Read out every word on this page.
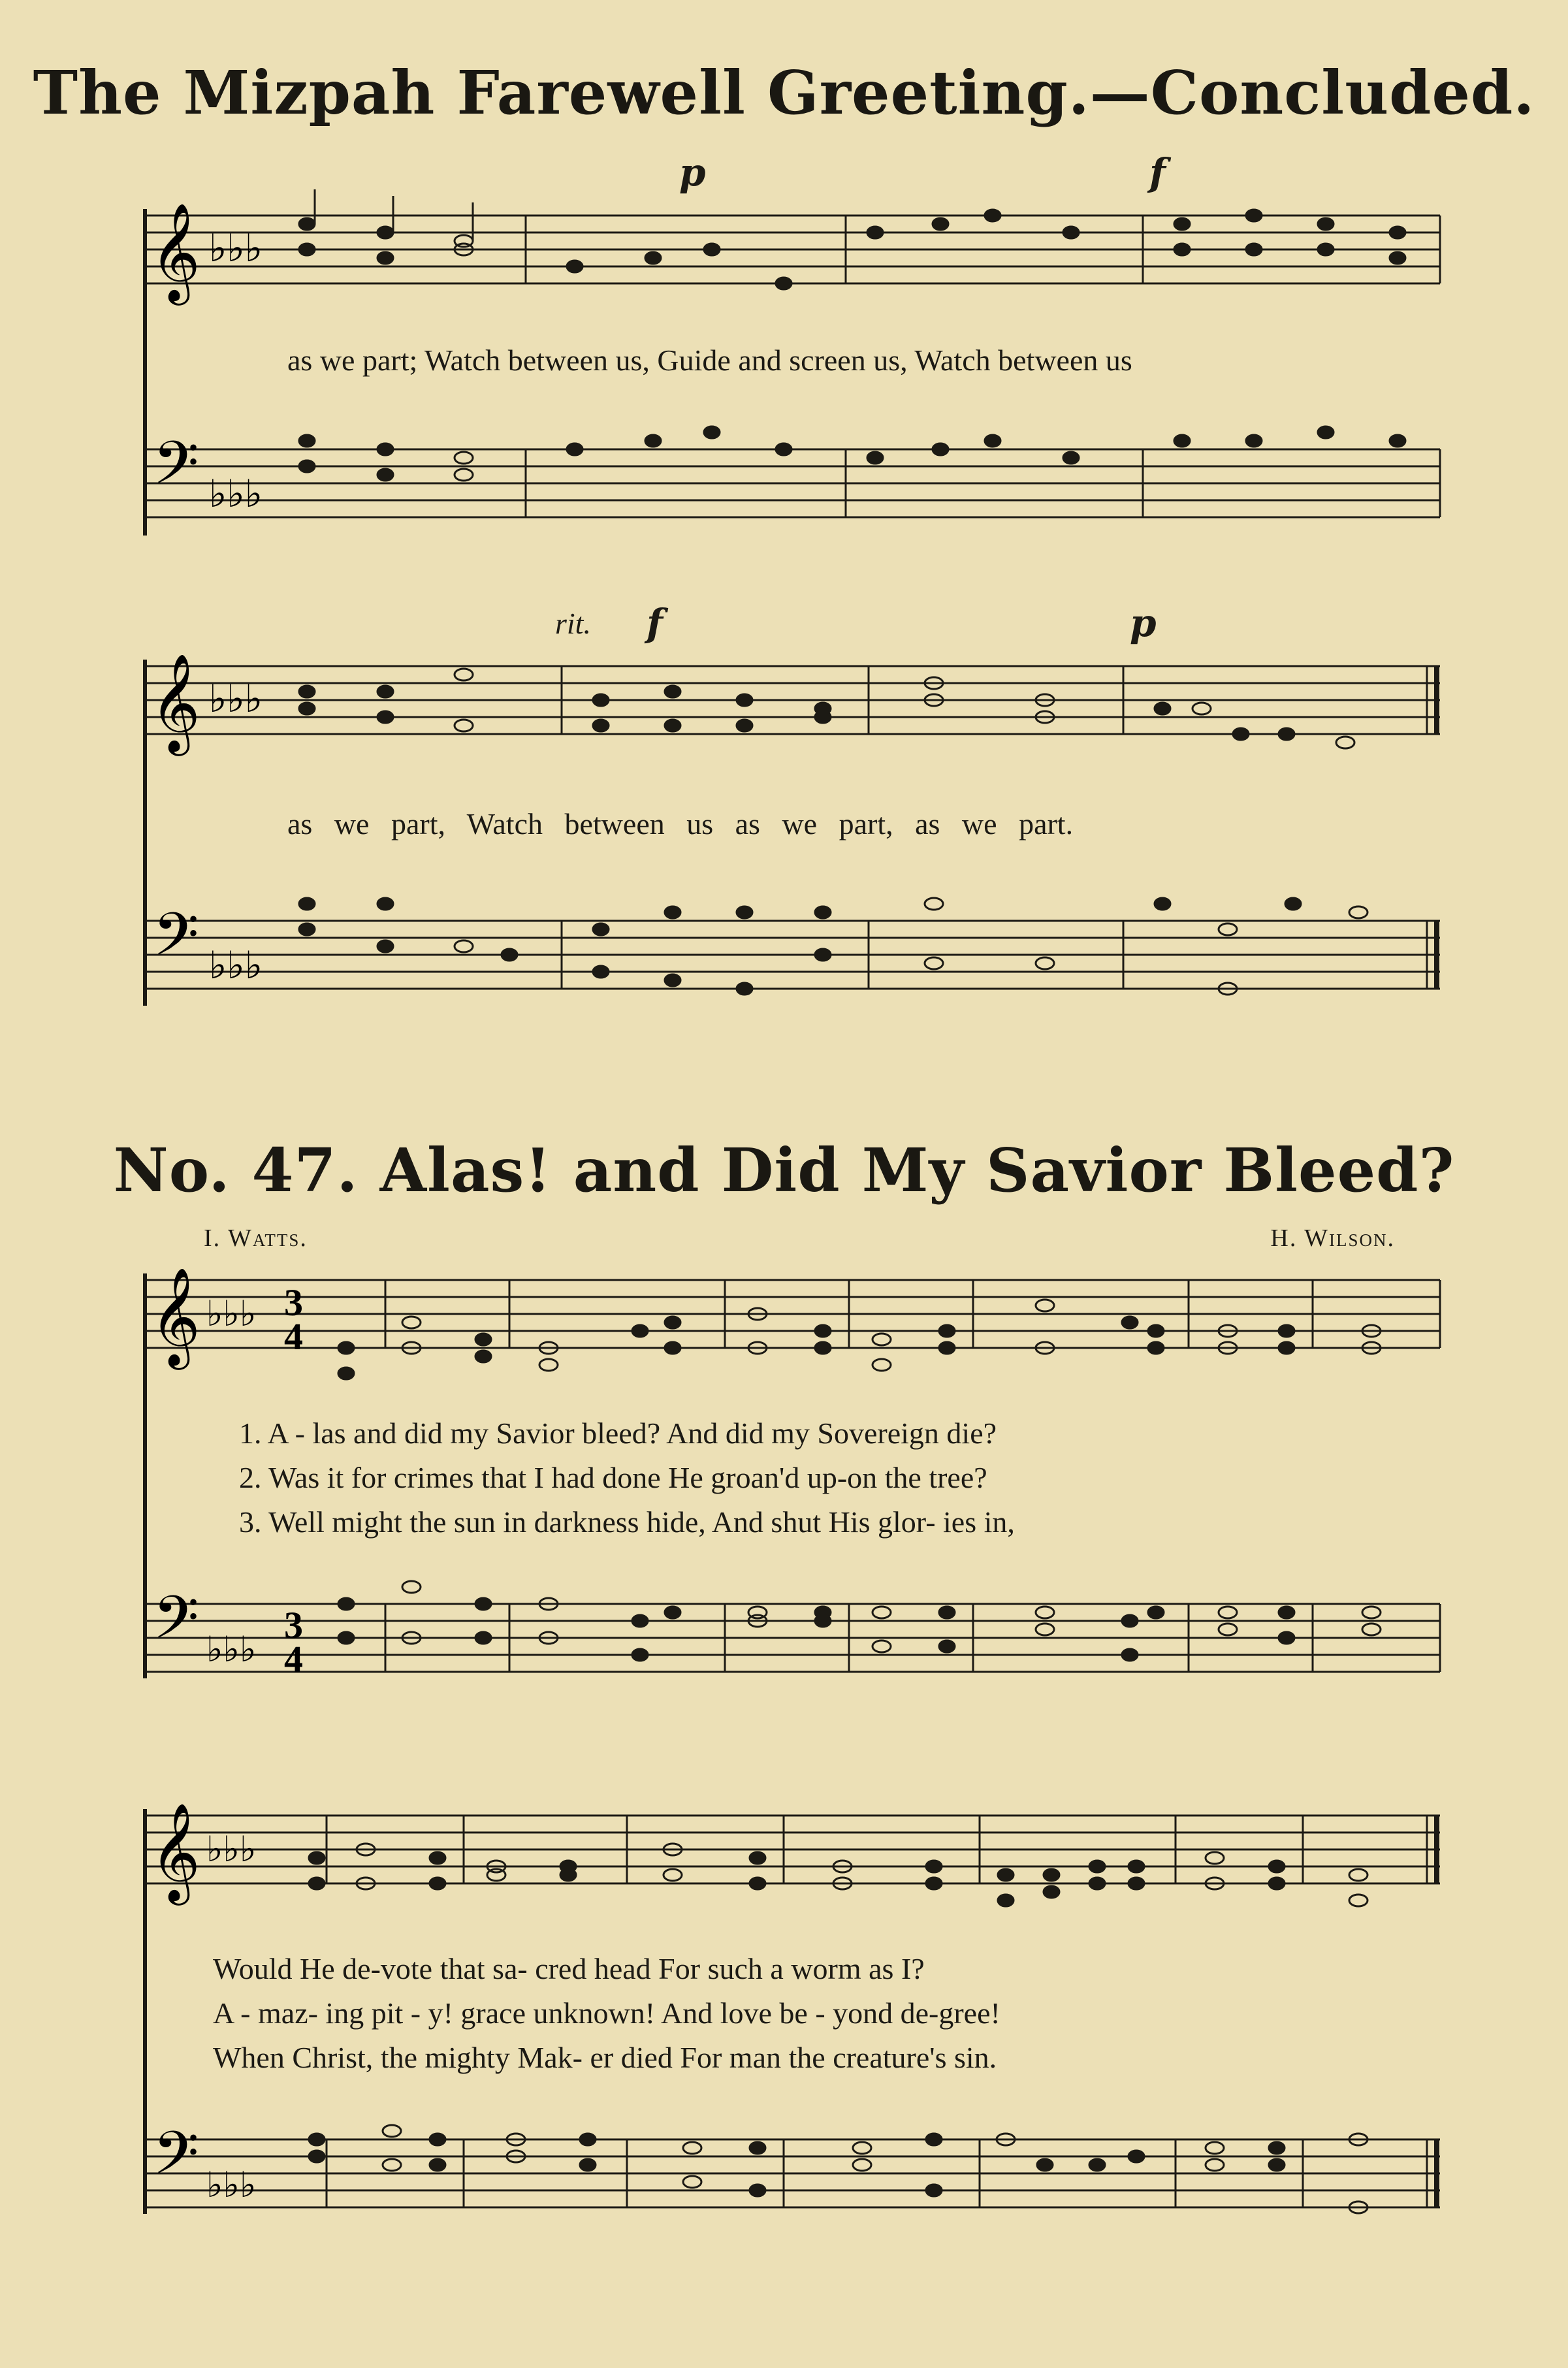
The Mizpah Farewell Greeting.—Concluded.
𝄞
𝄢
♭♭♭
♭♭♭
p	f
as we part; Watch between us, Guide and screen us, Watch between us
𝄞
𝄢
♭♭♭
♭♭♭
rit. f	p
as we part, Watch between us as we part, as we part.
No. 47. Alas! and Did My Savior Bleed?
I. Watts.	H. Wilson.
𝄞
𝄢
♭♭♭
♭♭♭
3
4
3
4
1. A - las and did my Savior bleed? And did my Sovereign die?
2. Was it for crimes that I had done He groan'd up-on the tree?
3. Well might the sun in darkness hide, And shut His glor- ies in,
𝄞
𝄢
♭♭♭
♭♭♭
Would He de-vote that sa- cred head For such a worm as I?
A - maz- ing pit - y! grace unknown! And love be - yond de-gree!
When Christ, the mighty Mak- er died For man the creature's sin.
